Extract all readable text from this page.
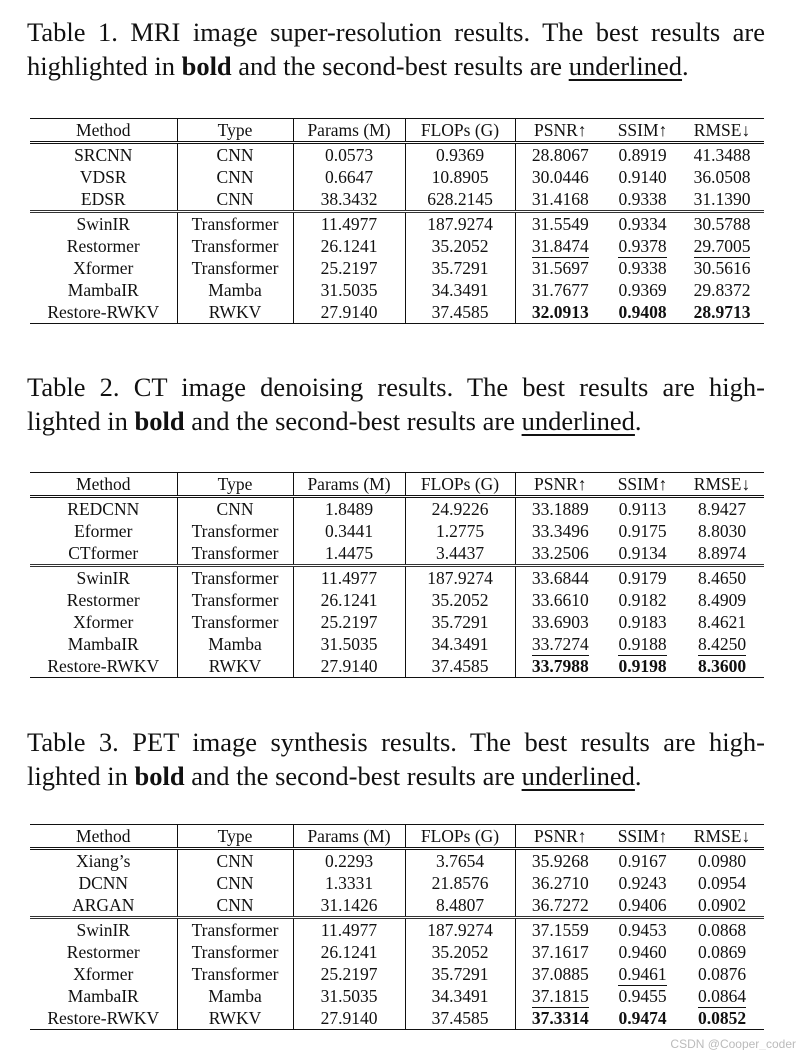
CSDN @Cooper_coder
Table 1. MRI image super-resolution results. The best results are
highlighted in bold and the second-best results are underlined.
Method	Type	Params (M)	FLOPs (G)	PSNR↑	SSIM↑	RMSE↓
SRCNN	CNN	0.0573	0.9369	28.8067	0.8919	41.3488
VDSR	CNN	0.6647	10.8905	30.0446	0.9140	36.0508
EDSR	CNN	38.3432	628.2145	31.4168	0.9338	31.1390
SwinIR	Transformer	11.4977	187.9274	31.5549	0.9334	30.5788
Restormer	Transformer	26.1241	35.2052	31.8474	0.9378	29.7005
Xformer	Transformer	25.2197	35.7291	31.5697	0.9338	30.5616
MambaIR	Mamba	31.5035	34.3491	31.7677	0.9369	29.8372
Restore-RWKV	RWKV	27.9140	37.4585	32.0913	0.9408	28.9713
Table 2. CT image denoising results. The best results are high-
lighted in bold and the second-best results are underlined.
Method	Type	Params (M)	FLOPs (G)	PSNR↑	SSIM↑	RMSE↓
REDCNN	CNN	1.8489	24.9226	33.1889	0.9113	8.9427
Eformer	Transformer	0.3441	1.2775	33.3496	0.9175	8.8030
CTformer	Transformer	1.4475	3.4437	33.2506	0.9134	8.8974
SwinIR	Transformer	11.4977	187.9274	33.6844	0.9179	8.4650
Restormer	Transformer	26.1241	35.2052	33.6610	0.9182	8.4909
Xformer	Transformer	25.2197	35.7291	33.6903	0.9183	8.4621
MambaIR	Mamba	31.5035	34.3491	33.7274	0.9188	8.4250
Restore-RWKV	RWKV	27.9140	37.4585	33.7988	0.9198	8.3600
Table 3. PET image synthesis results. The best results are high-
lighted in bold and the second-best results are underlined.
Method	Type	Params (M)	FLOPs (G)	PSNR↑	SSIM↑	RMSE↓
Xiang’s	CNN	0.2293	3.7654	35.9268	0.9167	0.0980
DCNN	CNN	1.3331	21.8576	36.2710	0.9243	0.0954
ARGAN	CNN	31.1426	8.4807	36.7272	0.9406	0.0902
SwinIR	Transformer	11.4977	187.9274	37.1559	0.9453	0.0868
Restormer	Transformer	26.1241	35.2052	37.1617	0.9460	0.0869
Xformer	Transformer	25.2197	35.7291	37.0885	0.9461	0.0876
MambaIR	Mamba	31.5035	34.3491	37.1815	0.9455	0.0864
Restore-RWKV	RWKV	27.9140	37.4585	37.3314	0.9474	0.0852
